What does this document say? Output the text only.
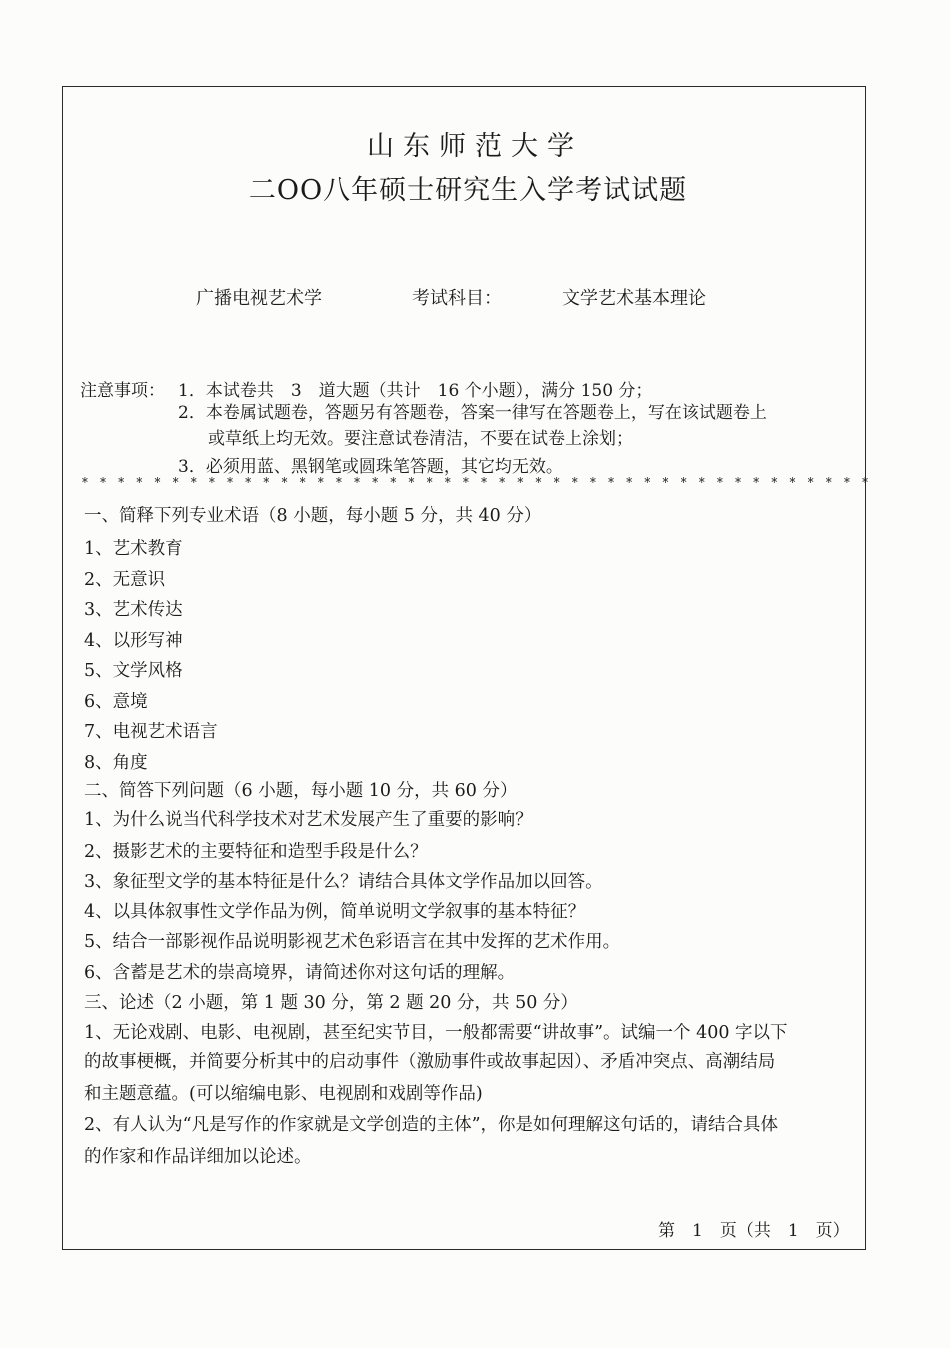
山东师范大学
二OO八年硕士研究生入学考试试题
广播电视艺术学	考试科目：	文学艺术基本理论
注意事项： 1．本试卷共　3　道大题（共计　16 个小题），满分 150 分；
2．本卷属试题卷，答题另有答题卷，答案一律写在答题卷上，写在该试题卷上
或草纸上均无效。要注意试卷清洁，不要在试卷上涂划；
3．必须用蓝、黑钢笔或圆珠笔答题，其它均无效。
* * * * * * * * * * * * * * * * * * * * * * * * * * * * * * * * * * * * * * * * * * * *
一、简释下列专业术语（8 小题，每小题 5 分，共 40 分）
1、艺术教育
2、无意识
3、艺术传达
4、以形写神
5、文学风格
6、意境
7、电视艺术语言
8、角度
二、简答下列问题（6 小题，每小题 10 分，共 60 分）
1、为什么说当代科学技术对艺术发展产生了重要的影响？
2、摄影艺术的主要特征和造型手段是什么？
3、象征型文学的基本特征是什么？请结合具体文学作品加以回答。
4、以具体叙事性文学作品为例，简单说明文学叙事的基本特征？
5、结合一部影视作品说明影视艺术色彩语言在其中发挥的艺术作用。
6、含蓄是艺术的崇高境界，请简述你对这句话的理解。
三、论述（2 小题，第 1 题 30 分，第 2 题 20 分，共 50 分）
1、无论戏剧、电影、电视剧，甚至纪实节目，一般都需要“讲故事”。试编一个 400 字以下
的故事梗概，并简要分析其中的启动事件（激励事件或故事起因）、矛盾冲突点、高潮结局
和主题意蕴。(可以缩编电影、电视剧和戏剧等作品)
2、有人认为“凡是写作的作家就是文学创造的主体”，你是如何理解这句话的，请结合具体
的作家和作品详细加以论述。
第　1　页（共　1　页）
